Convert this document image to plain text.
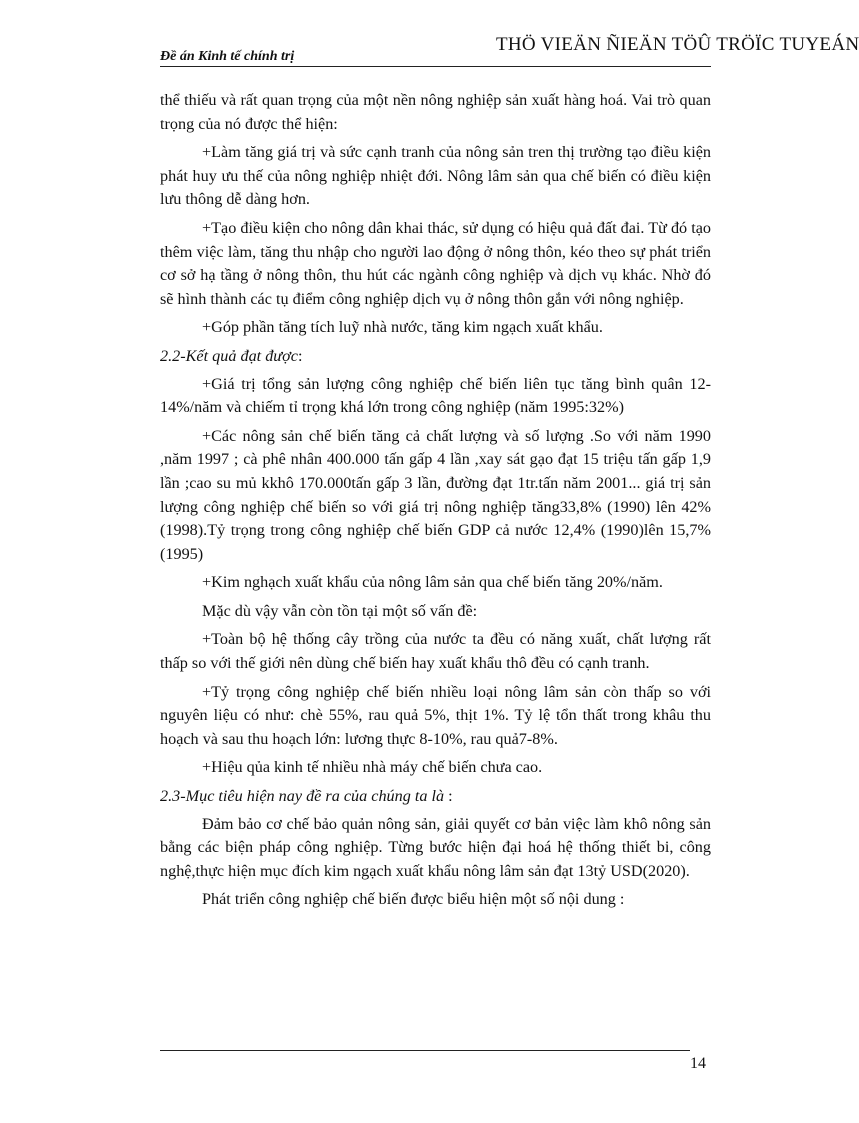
Đề án Kinh tế chính trị
THÖ VIEÄN ÑIEÄN TÖÛ TRÖÏC TUYEÁN

thể thiếu và rất quan trọng của một nền nông nghiệp sản xuất hàng hoá. Vai trò quan trọng của nó được thể hiện:

+Làm tăng giá trị và sức cạnh tranh của nông sản tren thị trường tạo điều kiện phát huy ưu thế của nông nghiệp nhiệt đới. Nông lâm sản qua chế biến có điều kiện lưu thông dễ dàng hơn.

+Tạo điều kiện cho nông dân khai thác, sử dụng có hiệu quả đất đai. Từ đó tạo thêm việc làm, tăng thu nhập cho người lao động ở nông thôn, kéo theo sự phát triển cơ sở hạ tầng ở nông thôn, thu hút các ngành công nghiệp và dịch vụ khác. Nhờ đó sẽ hình thành các tụ điểm công nghiệp dịch vụ ở nông thôn gắn với nông nghiệp.

+Góp phần tăng tích luỹ nhà nước, tăng kim ngạch xuất khẩu.

2.2-Kết quả đạt được:

+Giá trị tổng sản lượng công nghiệp chế biến liên tục tăng bình quân 12-14%/năm và chiếm tỉ trọng khá lớn trong công nghiệp (năm 1995:32%)

+Các nông sản chế biến tăng cả chất lượng và số lượng .So với năm 1990 ,năm 1997 ; cà phê nhân 400.000 tấn gấp 4 lần ,xay sát gạo đạt 15 triệu tấn gấp 1,9 lần ;cao su mủ kkhô 170.000tấn gấp 3 lần, đường đạt 1tr.tấn năm 2001... giá trị sản lượng công nghiệp chế biến so với giá trị nông nghiệp tăng33,8% (1990) lên 42% (1998).Tỷ trọng trong công nghiệp chế biến GDP cả nước 12,4% (1990)lên 15,7%(1995)

+Kim nghạch xuất khẩu của nông lâm sản qua chế biến tăng 20%/năm.

Mặc dù vậy vẫn còn tồn tại một số vấn đề:

+Toàn bộ hệ thống cây trồng của nước ta đều có năng xuất, chất lượng rất thấp so với thế giới nên dùng chế biến hay xuất khẩu thô đều có cạnh tranh.

+Tỷ trọng công nghiệp chế biến nhiều loại nông lâm sản còn thấp so với nguyên liệu có như: chè 55%, rau quả 5%, thịt 1%. Tỷ lệ tổn thất trong khâu thu hoạch và sau thu hoạch lớn: lương thực 8-10%, rau quả7-8%.

+Hiệu qủa kinh tế nhiều nhà máy chế biến chưa cao.

2.3-Mục tiêu hiện nay đề ra của chúng ta là :

Đảm bảo cơ chế bảo quản nông sản, giải quyết cơ bản việc làm khô nông sản bằng các biện pháp công nghiệp. Từng bước hiện đại hoá hệ thống thiết bi, công nghệ,thực hiện mục đích kim ngạch xuất khẩu nông lâm sản đạt 13tỷ USD(2020).

Phát triển công nghiệp chế biến được biểu hiện một số nội dung :

14
